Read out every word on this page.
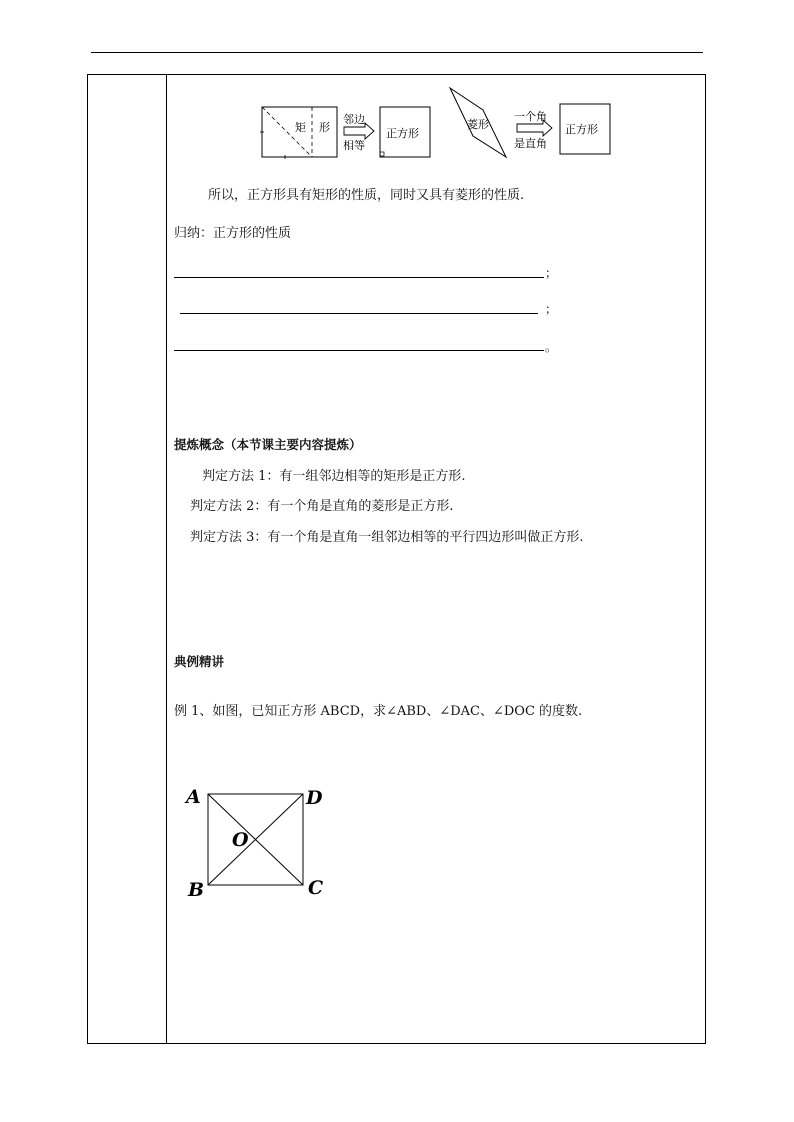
矩 形
邻边
相等
正方形
菱形
一个角
是直角
正方形
所以，正方形具有矩形的性质，同时又具有菱形的性质.
归纳：正方形的性质
；
；
。
提炼概念（本节课主要内容提炼）
判定方法 1：有一组邻边相等的矩形是正方形.
判定方法 2：有一个角是直角的菱形是正方形.
判定方法 3：有一个角是直角一组邻边相等的平行四边形叫做正方形.
典例精讲
例 1、如图，已知正方形 ABCD，求∠ABD、∠DAC、∠DOC 的度数.
A	D
O
B	C
